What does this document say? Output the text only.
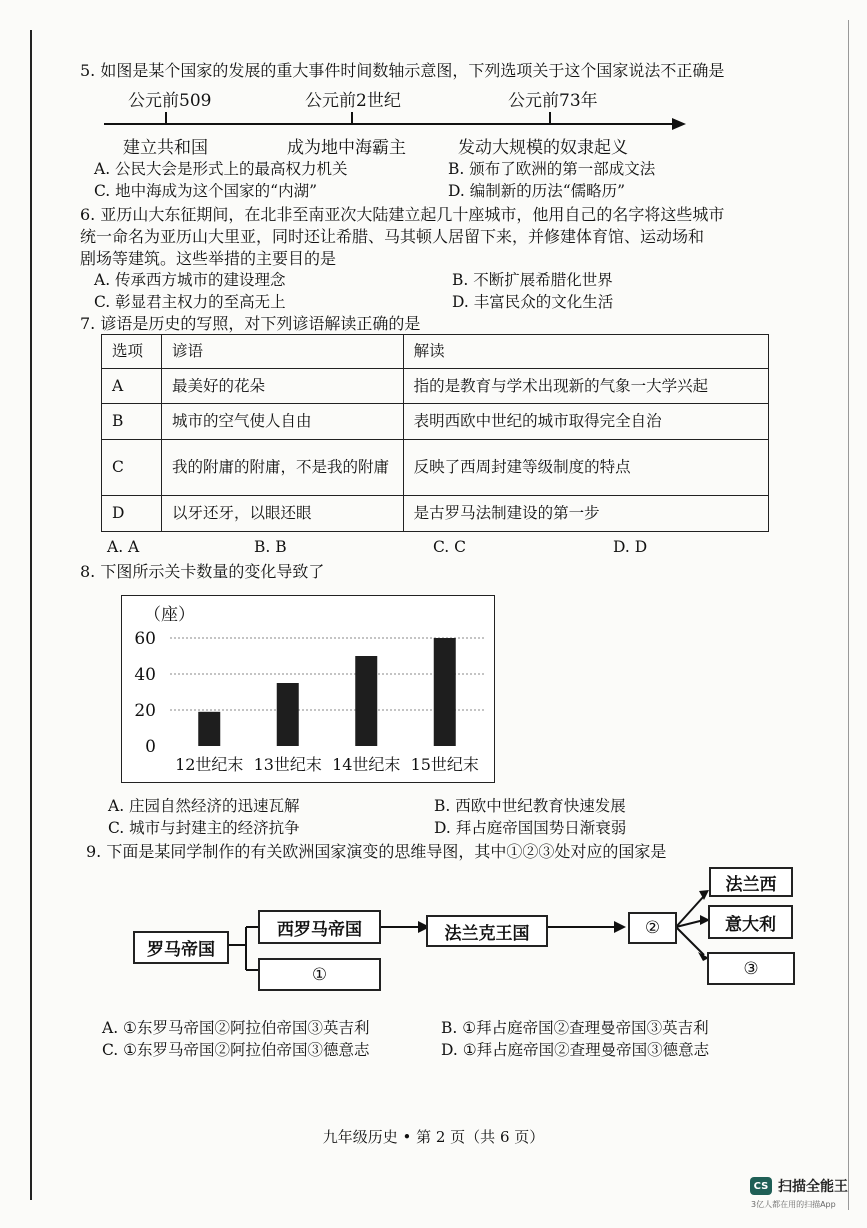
5. 如图是某个国家的发展的重大事件时间数轴示意图，下列选项关于这个国家说法不正确是
公元前509	公元前2世纪	公元前73年
建立共和国	成为地中海霸主	发动大规模的奴隶起义
A. 公民大会是形式上的最高权力机关	B. 颁布了欧洲的第一部成文法
C. 地中海成为这个国家的“内湖”	D. 编制新的历法“儒略历”
6. 亚历山大东征期间，在北非至南亚次大陆建立起几十座城市，他用自己的名字将这些城市
统一命名为亚历山大里亚，同时还让希腊、马其顿人居留下来，并修建体育馆、运动场和
剧场等建筑。这些举措的主要目的是
A. 传承西方城市的建设理念	B. 不断扩展希腊化世界
C. 彰显君主权力的至高无上	D. 丰富民众的文化生活
7. 谚语是历史的写照，对下列谚语解读正确的是
选项	谚语	解读
A	最美好的花朵	指的是教育与学术出现新的气象一大学兴起
B	城市的空气使人自由	表明西欧中世纪的城市取得完全自治
C	我的附庸的附庸，不是我的附庸	反映了西周封建等级制度的特点
D	以牙还牙，以眼还眼	是古罗马法制建设的第一步
A. A	B. B	C. C	D. D
8. 下图所示关卡数量的变化导致了
（座）
0
20
40
60
12世纪末 13世纪末 14世纪末 15世纪末
A. 庄园自然经济的迅速瓦解	B. 西欧中世纪教育快速发展
C. 城市与封建主的经济抗争	D. 拜占庭帝国国势日渐衰弱
9. 下面是某同学制作的有关欧洲国家演变的思维导图，其中①②③处对应的国家是
罗马帝国
西罗马帝国
①
法兰克王国	②
法兰西
意大利
③
A. ①东罗马帝国②阿拉伯帝国③英吉利	B. ①拜占庭帝国②查理曼帝国③英吉利
C. ①东罗马帝国②阿拉伯帝国③德意志	D. ①拜占庭帝国②查理曼帝国③德意志
九年级历史 • 第 2 页（共 6 页）
CS 扫描全能王
3亿人都在用的扫描App
